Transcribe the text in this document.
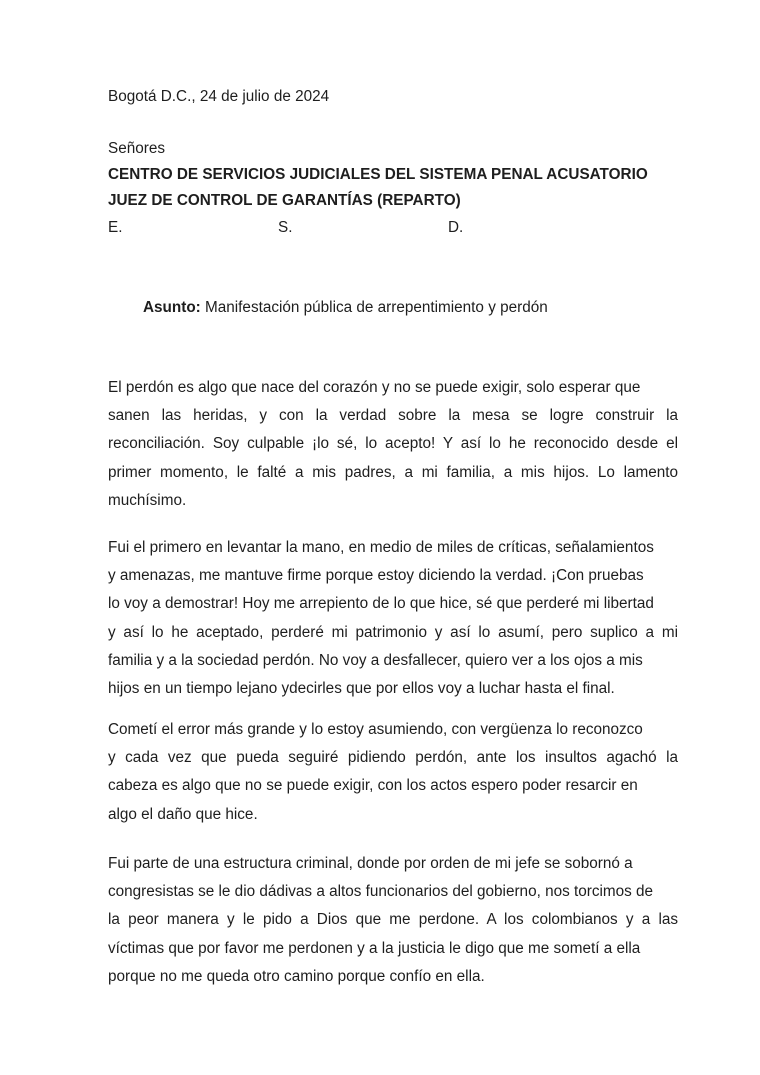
Bogotá D.C., 24 de julio de 2024
Señores
CENTRO DE SERVICIOS JUDICIALES DEL SISTEMA PENAL ACUSATORIO
JUEZ DE CONTROL DE GARANTÍAS (REPARTO)
E.	S.	D.
Asunto: Manifestación pública de arrepentimiento y perdón
El perdón es algo que nace del corazón y no se puede exigir, solo esperar que
sanen las heridas, y con la verdad sobre la mesa se logre construir la
reconciliación. Soy culpable ¡lo sé, lo acepto! Y así lo he reconocido desde el
primer momento, le falté a mis padres, a mi familia, a mis hijos. Lo lamento
muchísimo.
Fui el primero en levantar la mano, en medio de miles de críticas, señalamientos
y amenazas, me mantuve firme porque estoy diciendo la verdad. ¡Con pruebas
lo voy a demostrar! Hoy me arrepiento de lo que hice, sé que perderé mi libertad
y así lo he aceptado, perderé mi patrimonio y así lo asumí, pero suplico a mi
familia y a la sociedad perdón. No voy a desfallecer, quiero ver a los ojos a mis
hijos en un tiempo lejano ydecirles que por ellos voy a luchar hasta el final.
Cometí el error más grande y lo estoy asumiendo, con vergüenza lo reconozco
y cada vez que pueda seguiré pidiendo perdón, ante los insultos agachó la
cabeza es algo que no se puede exigir, con los actos espero poder resarcir en
algo el daño que hice.
Fui parte de una estructura criminal, donde por orden de mi jefe se sobornó a
congresistas se le dio dádivas a altos funcionarios del gobierno, nos torcimos de
la peor manera y le pido a Dios que me perdone. A los colombianos y a las
víctimas que por favor me perdonen y a la justicia le digo que me sometí a ella
porque no me queda otro camino porque confío en ella.
